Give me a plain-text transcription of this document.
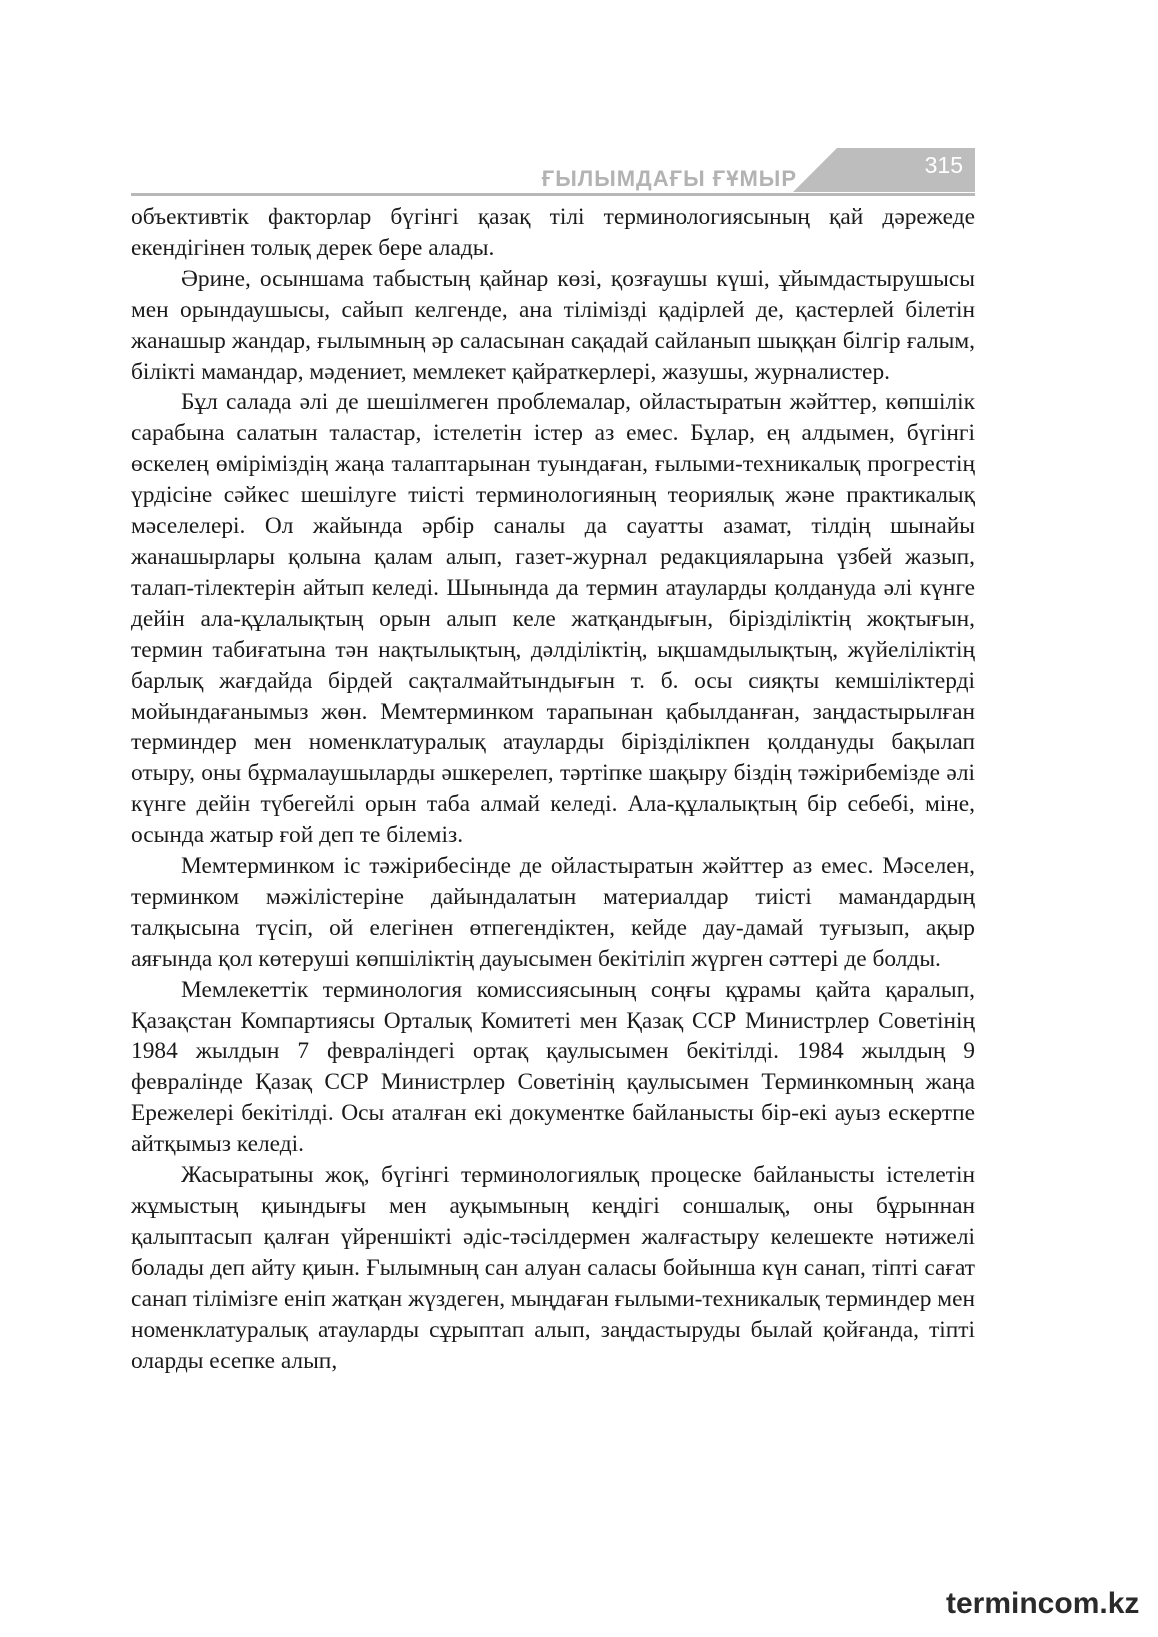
ҒЫЛЫМДАҒЫ ҒҰМЫР
315

объективтік факторлар бүгінгі қазақ тілі терминологиясының қай дәрежеде екендігінен толық дерек бере алады.

Әрине, осыншама табыстың қайнар көзі, қозғаушы күші, ұйымдастырушысы мен орындаушысы, сайып келгенде, ана тілімізді қадірлей де, қастерлей білетін жанашыр жандар, ғылымның әр саласынан сақадай сайланып шыққан білгір ғалым, білікті мамандар, мәдениет, мемлекет қайраткерлері, жазушы, журналистер.

Бұл салада әлі де шешілмеген проблемалар, ойластыратын жәйттер, көпшілік сарабына салатын таластар, істелетін істер аз емес. Бұлар, ең алдымен, бүгінгі өскелең өміріміздің жаңа талаптарынан туындаған, ғылыми-техникалық прогрестің үрдісіне сәйкес шешілуге тиісті терминологияның теориялық және практикалық мәселелері. Ол жайында әрбір саналы да сауатты азамат, тілдің шынайы жанашырлары қолына қалам алып, газет-журнал редакцияларына үзбей жазып, талап-тілектерін айтып келеді. Шынында да термин атауларды қолдануда әлі күнге дейін ала-құлалықтың орын алып келе жатқандығын, бірізділіктің жоқтығын, термин табиғатына тән нақтылықтың, дәлділіктің, ықшамдылықтың, жүйеліліктің барлық жағдайда бірдей сақталмайтындығын т. б. осы сияқты кемшіліктерді мойындағанымыз жөн. Мемтерминком тарапынан қабылданған, заңдастырылған терминдер мен номенклатуралық атауларды бірізділікпен қолдануды бақылап отыру, оны бұрмалаушыларды әшкерелеп, тәртіпке шақыру біздің тәжірибемізде әлі күнге дейін түбегейлі орын таба алмай келеді. Ала-құлалықтың бір себебі, міне, осында жатыр ғой деп те білеміз.

Мемтерминком іс тәжірибесінде де ойластыратын жәйттер аз емес. Мәселен, терминком мәжілістеріне дайындалатын материалдар тиісті мамандардың талқысына түсіп, ой елегінен өтпегендіктен, кейде дау-дамай туғызып, ақыр аяғында қол көтеруші көпшіліктің дауысымен бекітіліп жүрген сәттері де болды.

Мемлекеттік терминология комиссиясының соңғы құрамы қайта қаралып, Қазақстан Компартиясы Орталық Комитеті мен Қазақ ССР Министрлер Советінің 1984 жылдын 7 февраліндегі ортақ қаулысымен бекітілді. 1984 жылдың 9 февралінде Қазақ ССР Министрлер Советінің қаулысымен Терминкомның жаңа Ережелері бекітілді. Осы аталған екі документке байланысты бір-екі ауыз ескертпе айтқымыз келеді.

Жасыратыны жоқ, бүгінгі терминологиялық процеске байланысты істелетін жұмыстың қиындығы мен ауқымының кеңдігі соншалық, оны бұрыннан қалыптасып қалған үйреншікті әдіс-тәсілдермен жалғастыру келешекте нәтижелі болады деп айту қиын. Ғылымның сан алуан саласы бойынша күн санап, тіпті сағат санап тілімізге еніп жатқан жүздеген, мыңдаған ғылыми-техникалық терминдер мен номенклатуралық атауларды сұрыптап алып, заңдастыруды былай қойғанда, тіпті оларды есепке алып,

termincom.kz
